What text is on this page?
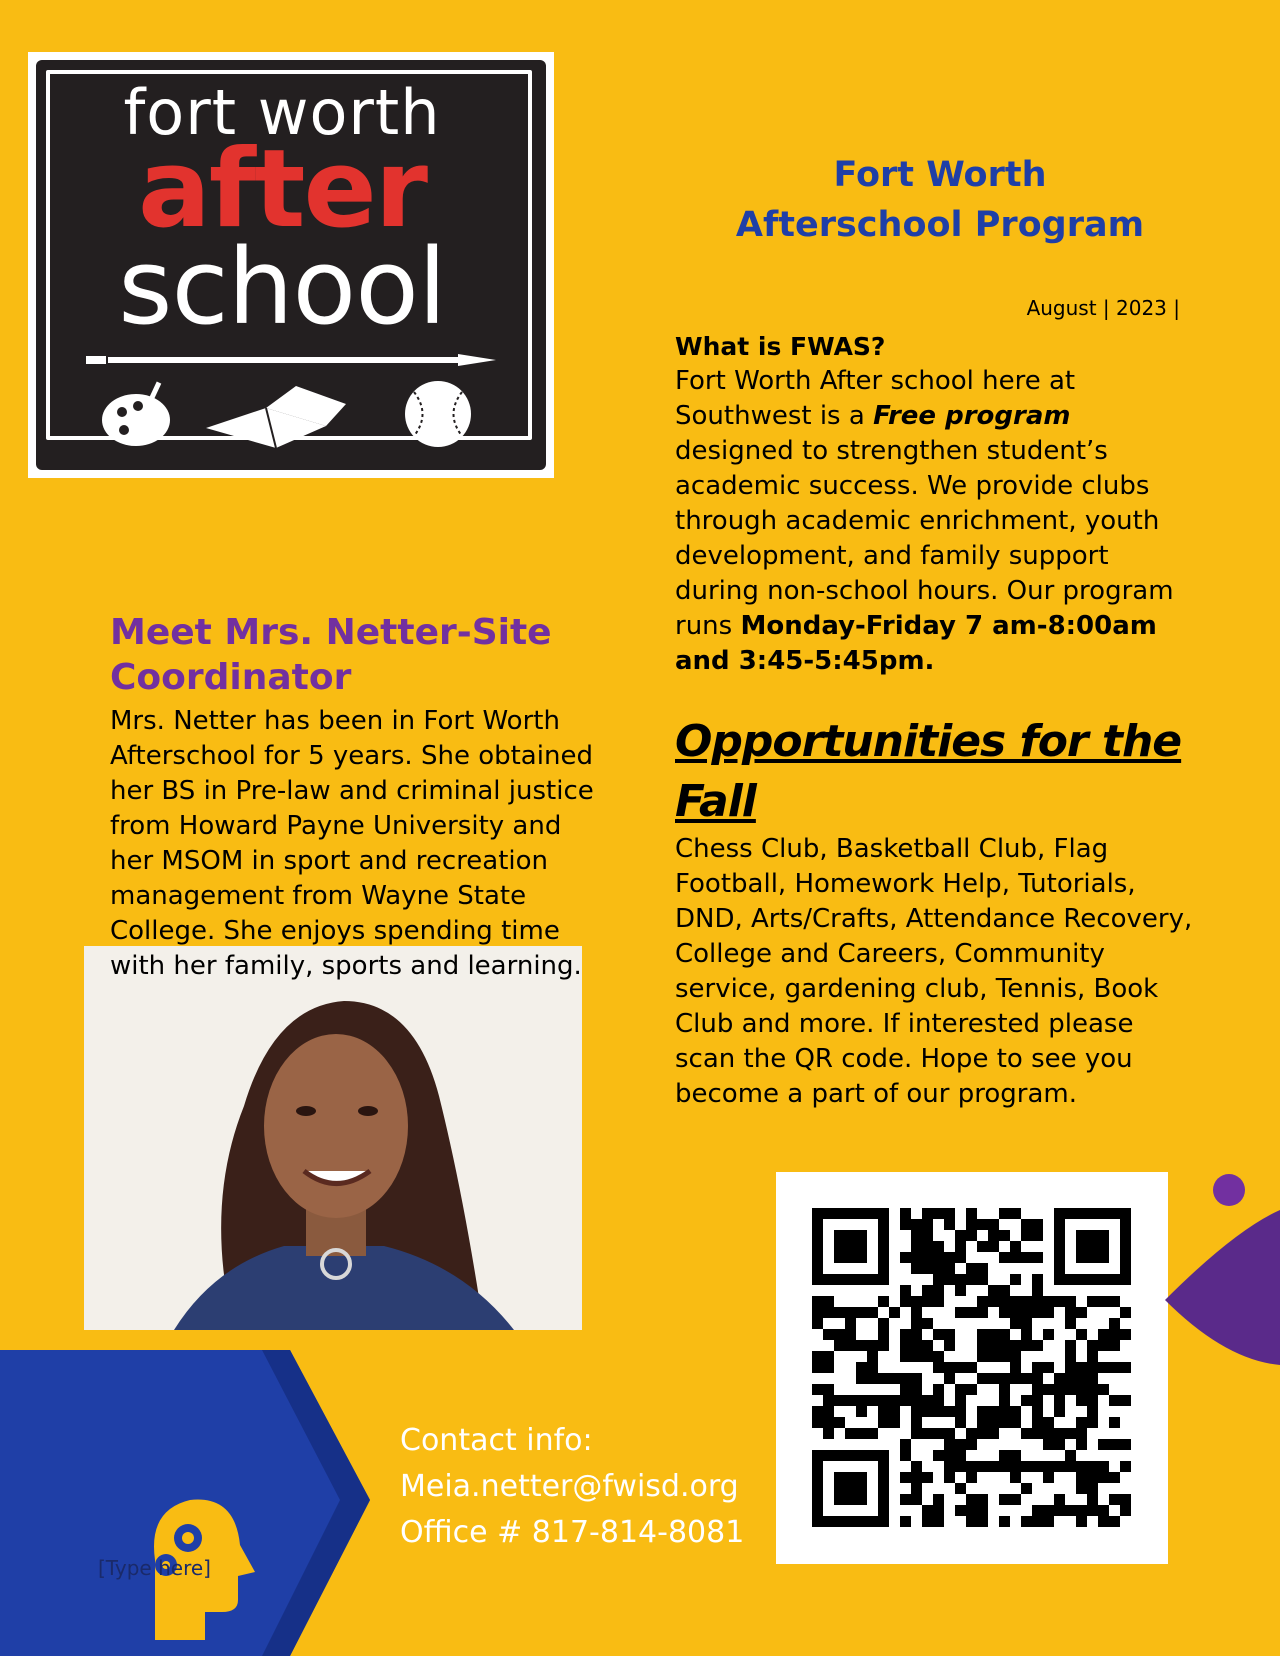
fort worth
after
school
Fort Worth
Afterschool Program
August | 2023 |
What is FWAS?
Fort Worth After school here at Southwest is a Free program designed to strengthen student’s academic success. We provide clubs through academic enrichment, youth development, and family support during non-school hours. Our program runs Monday-Friday 7 am-8:00am and 3:45-5:45pm.
Opportunities for the Fall
Chess Club, Basketball Club, Flag Football, Homework Help, Tutorials, DND, Arts/Crafts, Attendance Recovery, College and Careers, Community service, gardening club, Tennis, Book Club and more. If interested please scan the QR code. Hope to see you become a part of our program.
Meet Mrs. Netter-Site Coordinator
Mrs. Netter has been in Fort Worth Afterschool for 5 years. She obtained her BS in Pre-law and criminal justice from Howard Payne University and her MSOM in sport and recreation management from Wayne State College. She enjoys spending time with her family, sports and learning.
[Type here]
Contact info:
Meia.netter@fwisd.org
Office # 817-814-8081
